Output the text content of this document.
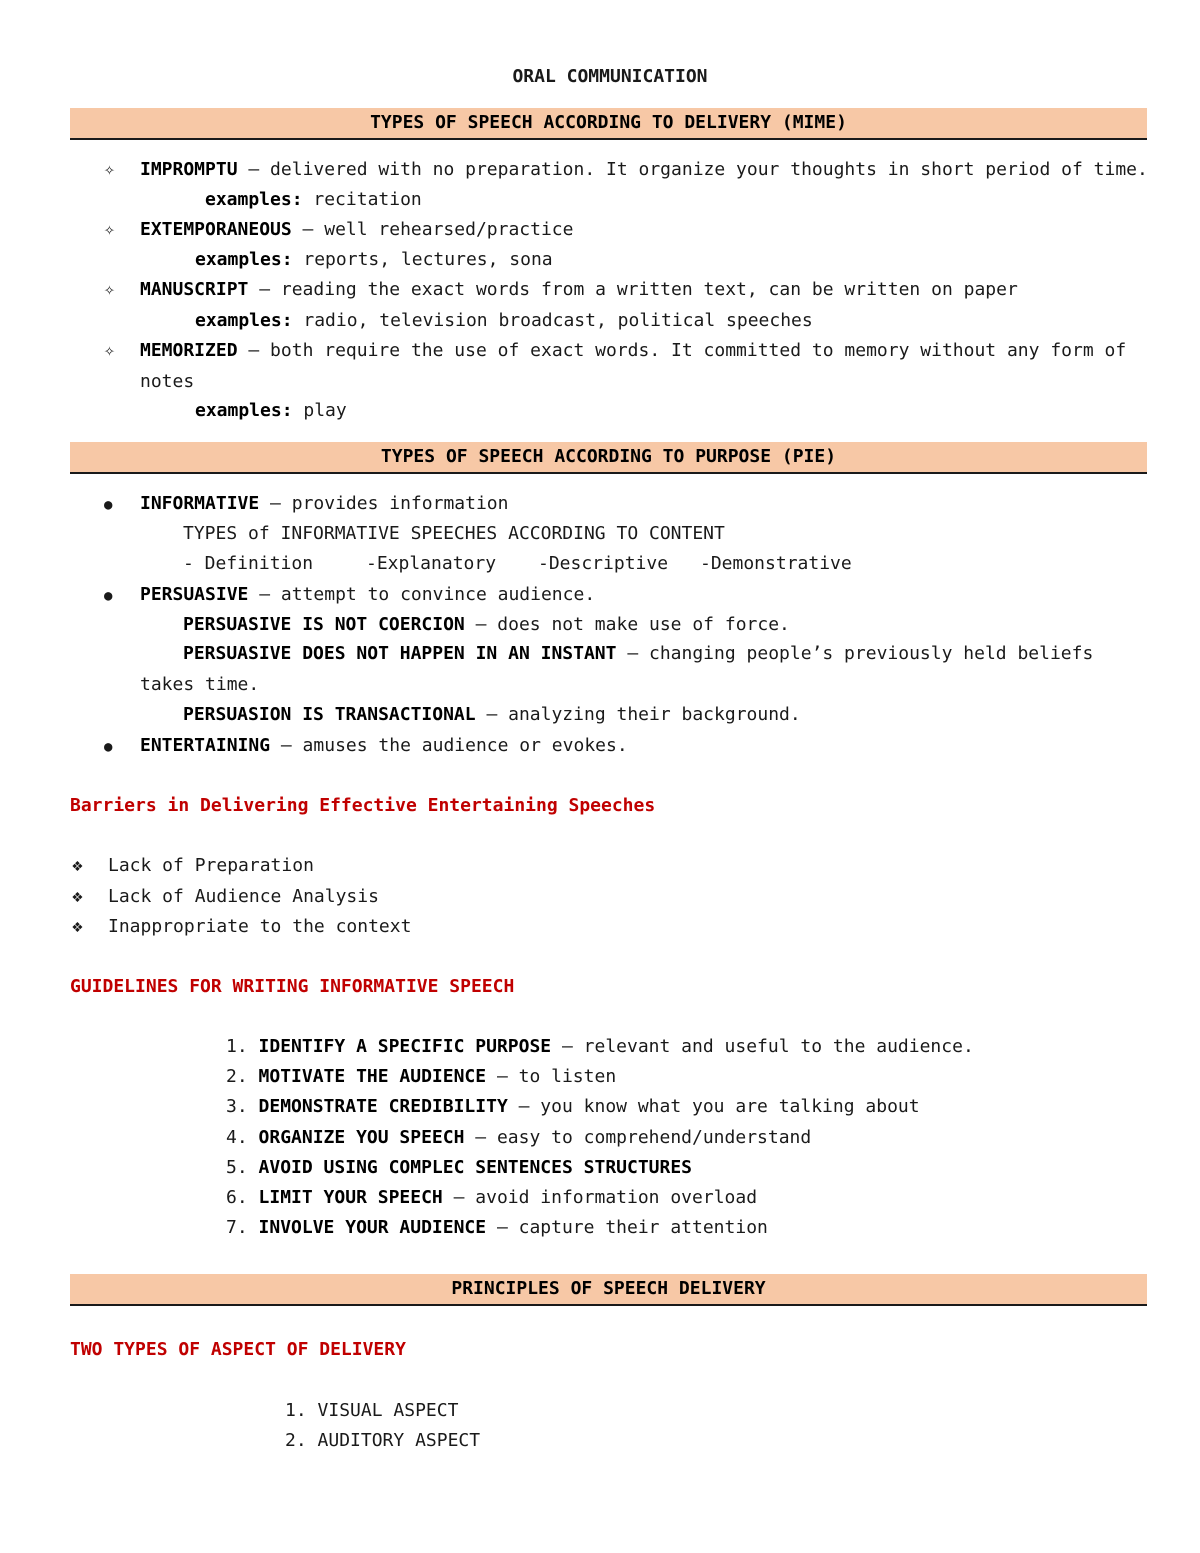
ORAL COMMUNICATION
TYPES OF SPEECH ACCORDING TO DELIVERY (MIME)
✧ IMPROMPTU – delivered with no preparation. It organize your thoughts in short period of time.
examples: recitation
✧ EXTEMPORANEOUS – well rehearsed/practice
examples: reports, lectures, sona
✧ MANUSCRIPT – reading the exact words from a written text, can be written on paper
examples: radio, television broadcast, political speeches
✧ MEMORIZED – both require the use of exact words. It committed to memory without any form of
notes
examples: play
TYPES OF SPEECH ACCORDING TO PURPOSE (PIE)
● INFORMATIVE – provides information
TYPES of INFORMATIVE SPEECHES ACCORDING TO CONTENT
- Definition	-Explanatory -Descriptive -Demonstrative
● PERSUASIVE – attempt to convince audience.
PERSUASIVE IS NOT COERCION – does not make use of force.
PERSUASIVE DOES NOT HAPPEN IN AN INSTANT – changing people’s previously held beliefs
takes time.
PERSUASION IS TRANSACTIONAL – analyzing their background.
● ENTERTAINING – amuses the audience or evokes.
Barriers in Delivering Effective Entertaining Speeches
❖ Lack of Preparation
❖ Lack of Audience Analysis
❖ Inappropriate to the context
GUIDELINES FOR WRITING INFORMATIVE SPEECH
1. IDENTIFY A SPECIFIC PURPOSE – relevant and useful to the audience.
2. MOTIVATE THE AUDIENCE – to listen
3. DEMONSTRATE CREDIBILITY – you know what you are talking about
4. ORGANIZE YOU SPEECH – easy to comprehend/understand
5. AVOID USING COMPLEC SENTENCES STRUCTURES
6. LIMIT YOUR SPEECH – avoid information overload
7. INVOLVE YOUR AUDIENCE – capture their attention
PRINCIPLES OF SPEECH DELIVERY
TWO TYPES OF ASPECT OF DELIVERY
1. VISUAL ASPECT
2. AUDITORY ASPECT
